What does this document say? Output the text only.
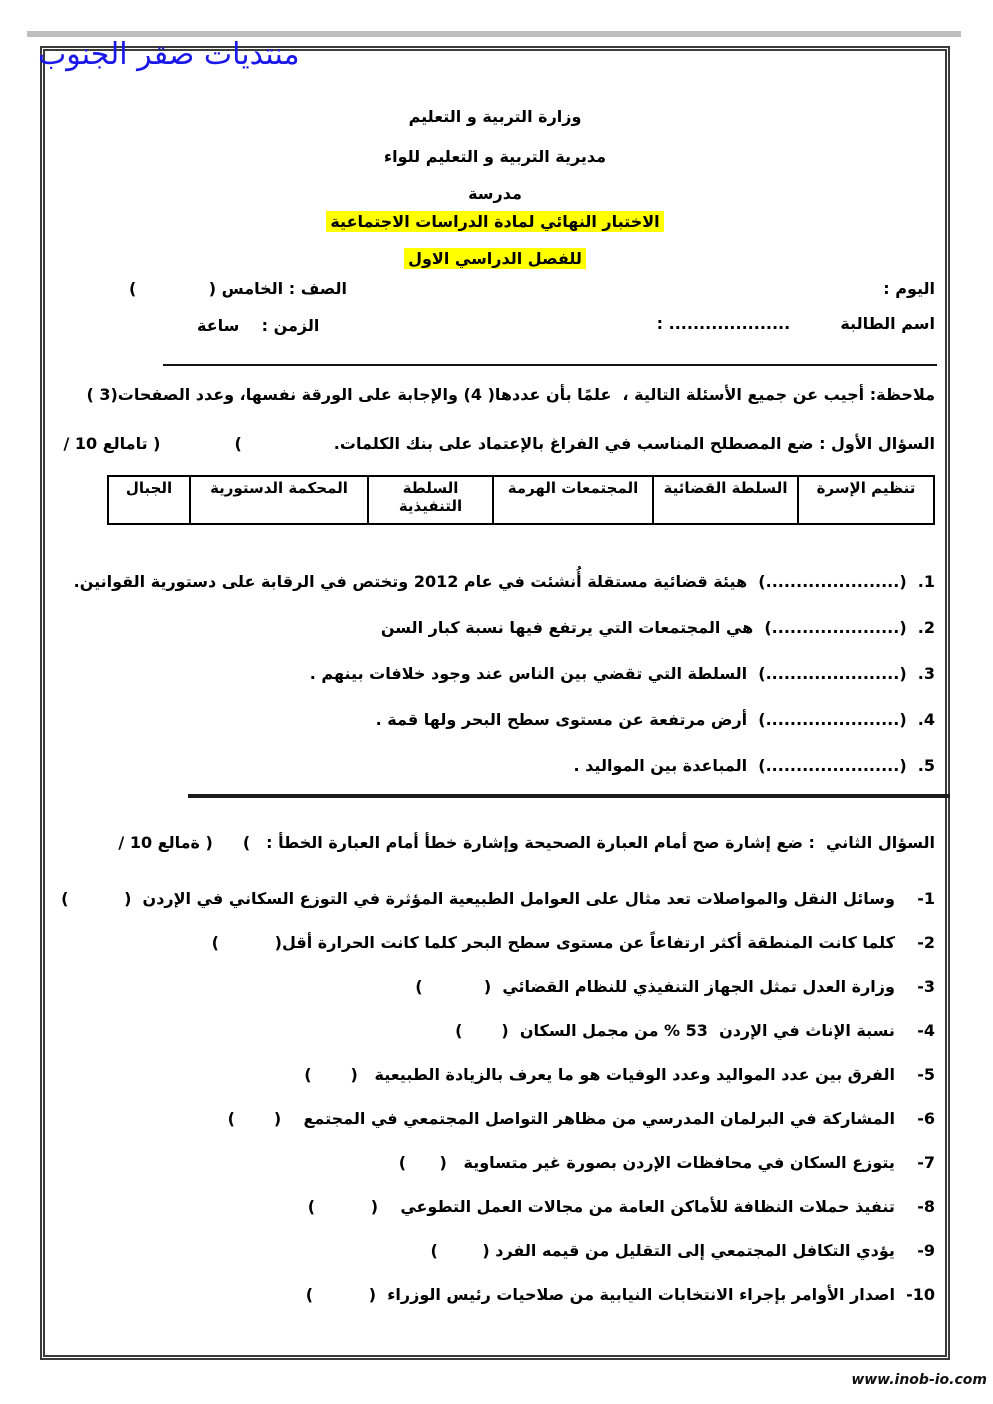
منتديات صقر الجنوب
وزارة التربية و التعليم
مديرية التربية و التعليم للواء
مدرسة
الاختبار النهائي لمادة الدراسات الاجتماعية
للفصل الدراسي الاول
اليوم :
الصف : الخامس (             )
اسم الطالبة         .................... :
الزمن :    ساعة
ملاحظة: أجيب عن جميع الأسئلة التالية ،  علمًا بأن عددها( 4) والإجابة على الورقة نفسها، وعدد الصفحات(3 )
السؤال الأول : ضع المصطلح المناسب في الفراغ بالإعتماد على بنك الكلمات.
(
/ 10 علامات )
تنظيم الإسرة
السلطة القضائية
المجتمعات الهرمة
السلطة التنفيذية
المحكمة الدستورية
الجبال
1.  (......................)  هيئة قضائية مستقلة أُنشئت في عام 2012 وتختص في الرقابة على دستورية القوانين.
2.  (.....................)  هي المجتمعات التي يرتفع فيها نسبة كبار السن
3.  (......................)  السلطة التي تقضي بين الناس عند وجود خلافات بينهم .
4.  (......................)  أرض مرتفعة عن مستوى سطح البحر ولها قمة .
5.  (......................)  المباعدة بين المواليد .
السؤال الثاني  : ضع إشارة صح أمام العبارة الصحيحة وإشارة خطأ أمام العبارة الخطأ :
(
/ 10 علامة )
1-    وسائل النقل والمواصلات تعد مثال على العوامل الطبيعية المؤثرة في التوزع السكاني في الإردن  (          )
2-    كلما كانت المنطقة أكثر ارتفاعاً عن مستوى سطح البحر كلما كانت الحرارة أقل(          )
3-    وزارة العدل تمثل الجهاز التنفيذي للنظام القضائي  (           )
4-    نسبة الإناث في الإردن  53 % من مجمل السكان  (       )
5-    الفرق بين عدد المواليد وعدد الوفيات هو ما يعرف بالزيادة الطبيعية   (       )
6-    المشاركة في البرلمان المدرسي من مظاهر التواصل المجتمعي في المجتمع    (       )
7-    يتوزع السكان في محافظات الإردن بصورة غير متساوية   (      )
8-    تنفيذ حملات النظافة للأماكن العامة من مجالات العمل التطوعي    (          )
9-    يؤدي التكافل المجتمعي إلى التقليل من قيمه الفرد (        )
10-  اصدار الأوامر بإجراء الانتخابات النيابية من صلاحيات رئيس الوزراء  (          )
www.inob-io.com
